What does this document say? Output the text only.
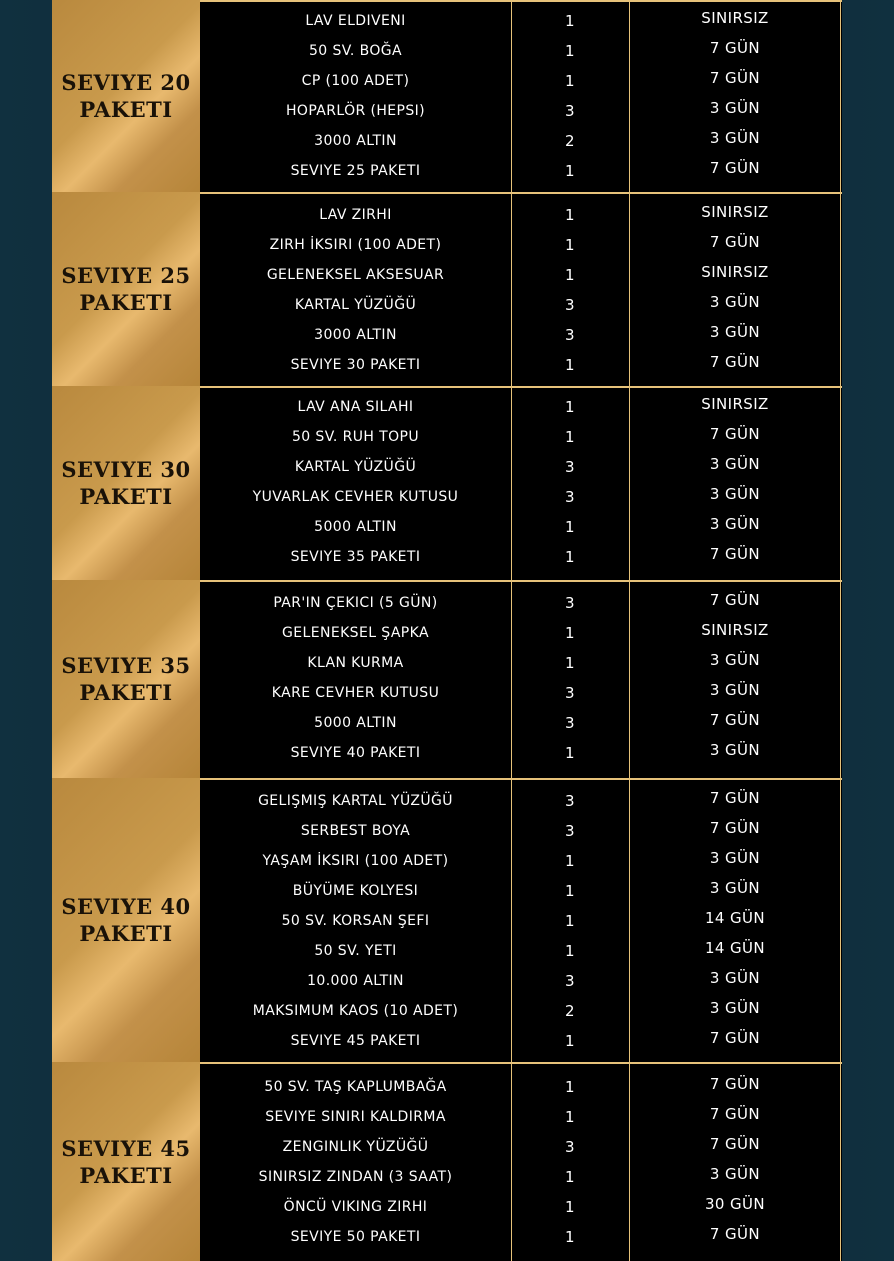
SEVIYE 20
PAKETI
LAV ELDIVENI	1	SINIRSIZ
50 SV. BOĞA	1	7 GÜN
CP (100 ADET)	1	7 GÜN
HOPARLÖR (HEPSI)	3	3 GÜN
3000 ALTIN	2	3 GÜN
SEVIYE 25 PAKETI	1	7 GÜN
SEVIYE 25
PAKETI
LAV ZIRHI	1	SINIRSIZ
ZIRH İKSIRI (100 ADET)	1	7 GÜN
GELENEKSEL AKSESUAR	1	SINIRSIZ
KARTAL YÜZÜĞÜ	3	3 GÜN
3000 ALTIN	3	3 GÜN
SEVIYE 30 PAKETI	1	7 GÜN
SEVIYE 30
PAKETI
LAV ANA SILAHI	1	SINIRSIZ
50 SV. RUH TOPU	1	7 GÜN
KARTAL YÜZÜĞÜ	3	3 GÜN
YUVARLAK CEVHER KUTUSU	3	3 GÜN
5000 ALTIN	1	3 GÜN
SEVIYE 35 PAKETI	1	7 GÜN
SEVIYE 35
PAKETI
PAR'IN ÇEKICI (5 GÜN)	3	7 GÜN
GELENEKSEL ŞAPKA	1	SINIRSIZ
KLAN KURMA	1	3 GÜN
KARE CEVHER KUTUSU	3	3 GÜN
5000 ALTIN	3	7 GÜN
SEVIYE 40 PAKETI	1	3 GÜN
SEVIYE 40
PAKETI
GELIŞMIŞ KARTAL YÜZÜĞÜ	3	7 GÜN
SERBEST BOYA	3	7 GÜN
YAŞAM İKSIRI (100 ADET)	1	3 GÜN
BÜYÜME KOLYESI	1	3 GÜN
50 SV. KORSAN ŞEFI	1	14 GÜN
50 SV. YETI	1	14 GÜN
10.000 ALTIN	3	3 GÜN
MAKSIMUM KAOS (10 ADET)	2	3 GÜN
SEVIYE 45 PAKETI	1	7 GÜN
SEVIYE 45
PAKETI
50 SV. TAŞ KAPLUMBAĞA	1	7 GÜN
SEVIYE SINIRI KALDIRMA	1	7 GÜN
ZENGINLIK YÜZÜĞÜ	3	7 GÜN
SINIRSIZ ZINDAN (3 SAAT)	1	3 GÜN
ÖNCÜ VIKING ZIRHI	1	30 GÜN
SEVIYE 50 PAKETI	1	7 GÜN
